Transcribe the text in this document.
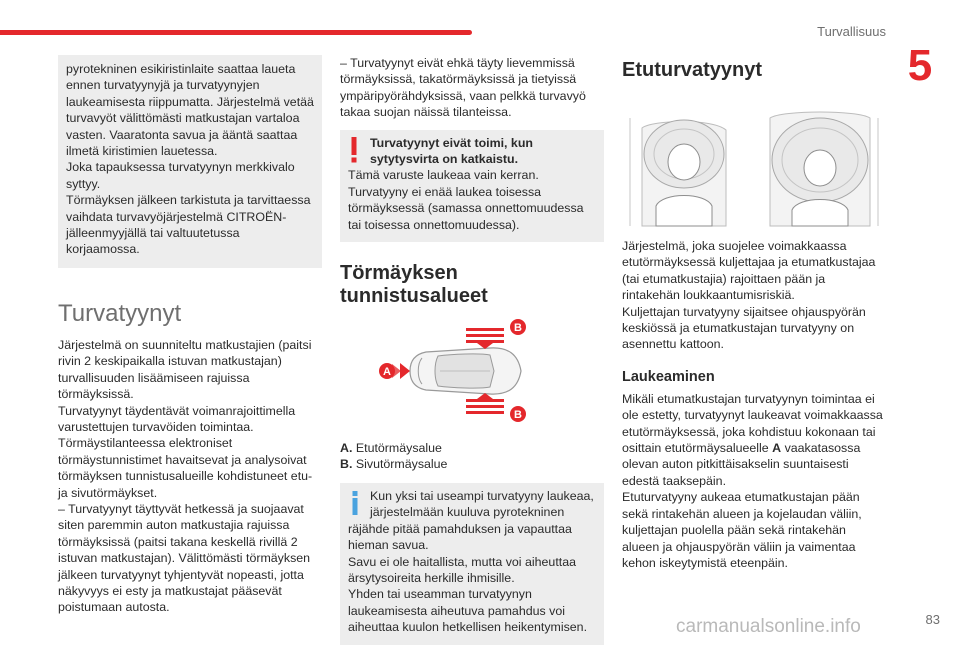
Turvallisuus
5

pyrotekninen esikiristinlaite saattaa laueta ennen turvatyynyjä ja turvatyynyjen laukeamisesta riippumatta. Järjestelmä vetää turvavyöt välittömästi matkustajan vartaloa vasten. Vaaratonta savua ja ääntä saattaa ilmetä kiristimien lauetessa.

Joka tapauksessa turvatyynyn merkkivalo syttyy.

Törmäyksen jälkeen tarkistuta ja tarvittaessa vaihdata turvavyöjärjestelmä CITROËN-jälleenmyyjällä tai valtuutetussa korjaamossa.

Turvatyynyt

Järjestelmä on suunniteltu matkustajien (paitsi rivin 2 keskipaikalla istuvan matkustajan) turvallisuuden lisäämiseen rajuissa törmäyksissä.

Turvatyynyt täydentävät voimanrajoittimella varustettujen turvavöiden toimintaa.

Törmäystilanteessa elektroniset törmäystunnistimet havaitsevat ja analysoivat törmäyksen tunnistusalueille kohdistuneet etu- ja sivutörmäykset.

– Turvatyynyt täyttyvät hetkessä ja suojaavat siten paremmin auton matkustajia rajuissa törmäyksissä (paitsi takana keskellä rivillä 2 istuvan matkustajan). Välittömästi törmäyksen jälkeen turvatyynyt tyhjentyvät nopeasti, jotta näkyvyys ei esty ja matkustajat pääsevät poistumaan autosta.

– Turvatyynyt eivät ehkä täyty lievemmissä törmäyksissä, takatörmäyksissä ja tietyissä ympäripyörähdyksissä, vaan pelkkä turvavyö takaa suojan näissä tilanteissa.

Turvatyynyt eivät toimi, kun sytytysvirta on katkaistu.

Tämä varuste laukeaa vain kerran.

Turvatyyny ei enää laukea toisessa törmäyksessä (samassa onnettomuudessa tai toisessa onnettomuudessa).

Törmäyksen tunnistusalueet
A
B
B

A. Etutörmäysalue

B. Sivutörmäysalue

Kun yksi tai useampi turvatyyny laukeaa, järjestelmään kuuluva pyrotekninen

räjähde pitää pamahduksen ja vapauttaa hieman savua.

Savu ei ole haitallista, mutta voi aiheuttaa ärsytysoireita herkille ihmisille.

Yhden tai useamman turvatyynyn laukeamisesta aiheutuva pamahdus voi aiheuttaa kuulon hetkellisen heikentymisen.

Etuturvatyynyt

Järjestelmä, joka suojelee voimakkaassa etutörmäyksessä kuljettajaa ja etumatkustajaa (tai etumatkustajia) rajoittaen pään ja rintakehän loukkaantumisriskiä.

Kuljettajan turvatyyny sijaitsee ohjauspyörän keskiössä ja etumatkustajan turvatyyny on asennettu kattoon.

Laukeaminen

Mikäli etumatkustajan turvatyynyn toimintaa ei ole estetty, turvatyynyt laukeavat voimakkaassa etutörmäyksessä, joka kohdistuu kokonaan tai osittain etutörmäysalueelle A vaakatasossa olevan auton pitkittäisakselin suuntaisesti edestä taaksepäin.

Etuturvatyyny aukeaa etumatkustajan pään sekä rintakehän alueen ja kojelaudan väliin, kuljettajan puolella pään sekä rintakehän alueen ja ohjauspyörän väliin ja vaimentaa kehon iskeytymistä eteenpäin.

83
carmanualsonline.info
